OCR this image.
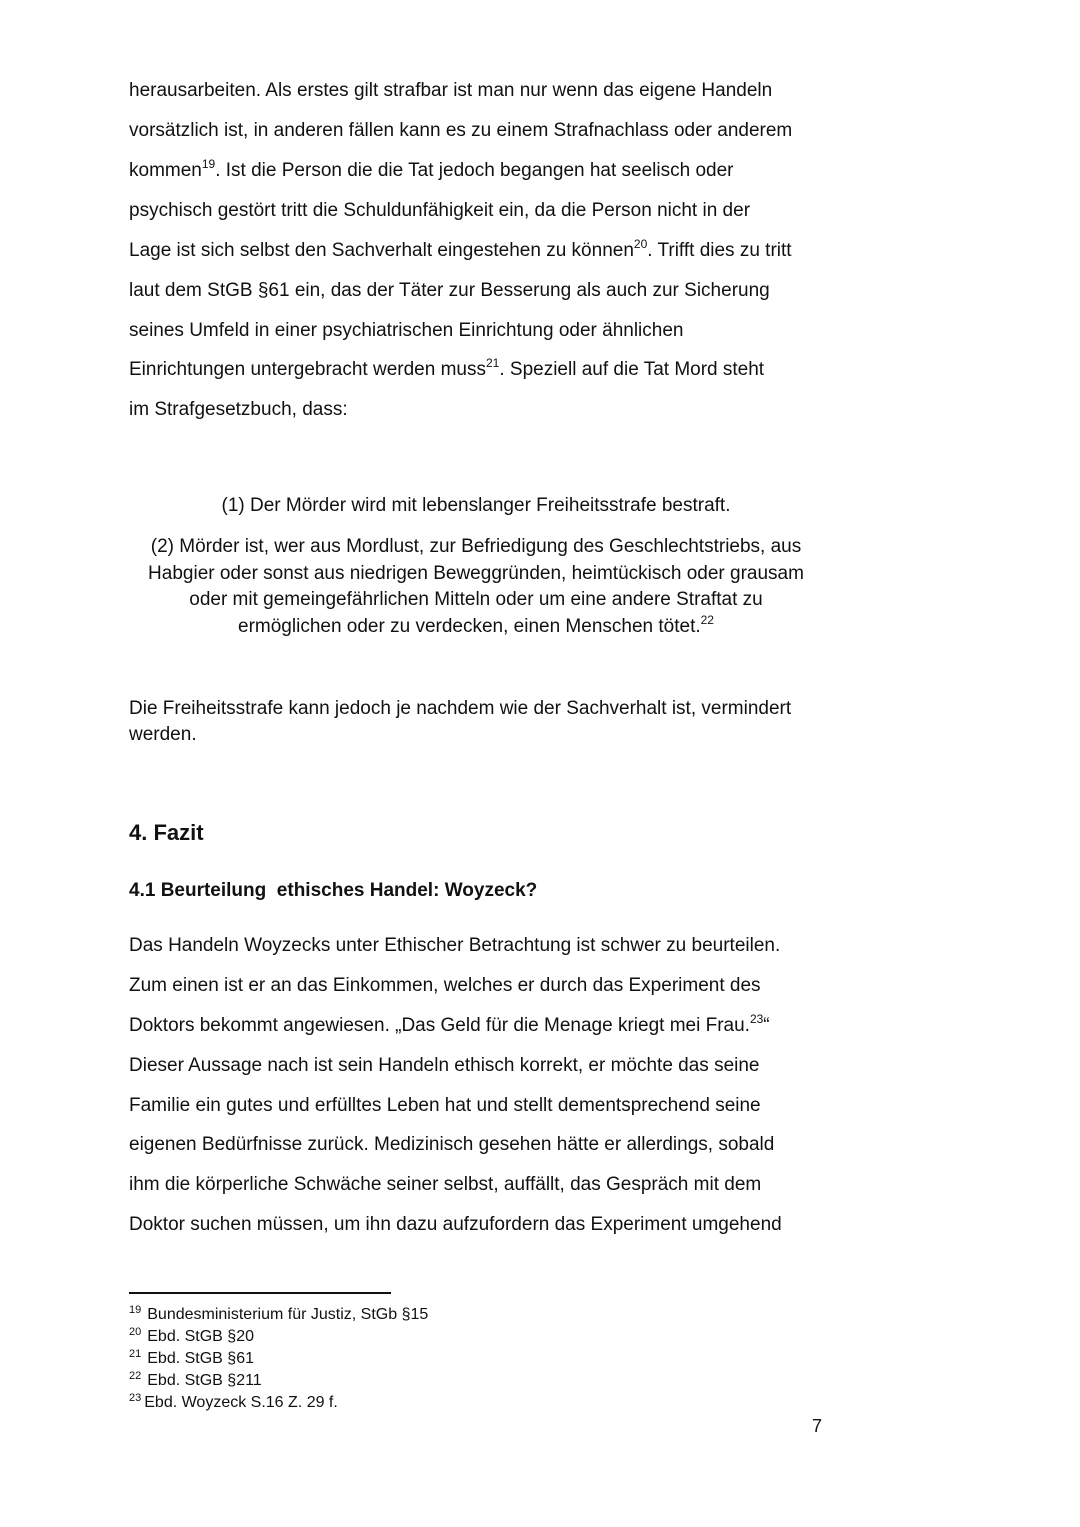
herausarbeiten. Als erstes gilt strafbar ist man nur wenn das eigene Handeln
vorsätzlich ist, in anderen fällen kann es zu einem Strafnachlass oder anderem
kommen$^{19}$. Ist die Person die die Tat jedoch begangen hat seelisch oder
psychisch gestört tritt die Schuldunfähigkeit ein, da die Person nicht in der
Lage ist sich selbst den Sachverhalt eingestehen zu können$^{20}$. Trifft dies zu tritt
laut dem StGB §61 ein, das der Täter zur Besserung als auch zur Sicherung
seines Umfeld in einer psychiatrischen Einrichtung oder ähnlichen
Einrichtungen untergebracht werden muss$^{21}$. Speziell auf die Tat Mord steht
im Strafgesetzbuch, dass:
(1) Der Mörder wird mit lebenslanger Freiheitsstrafe bestraft.
(2) Mörder ist, wer aus Mordlust, zur Befriedigung des Geschlechtstriebs, aus
Habgier oder sonst aus niedrigen Beweggründen, heimtückisch oder grausam
oder mit gemeingefährlichen Mitteln oder um eine andere Straftat zu
ermöglichen oder zu verdecken, einen Menschen tötet.$^{22}$
Die Freiheitsstrafe kann jedoch je nachdem wie der Sachverhalt ist, vermindert
werden.
4. Fazit
4.1 Beurteilung  ethisches Handel: Woyzeck?
Das Handeln Woyzecks unter Ethischer Betrachtung ist schwer zu beurteilen.
Zum einen ist er an das Einkommen, welches er durch das Experiment des
Doktors bekommt angewiesen. „Das Geld für die Menage kriegt mei Frau.$^{23}$“
Dieser Aussage nach ist sein Handeln ethisch korrekt, er möchte das seine
Familie ein gutes und erfülltes Leben hat und stellt dementsprechend seine
eigenen Bedürfnisse zurück. Medizinisch gesehen hätte er allerdings, sobald
ihm die körperliche Schwäche seiner selbst, auffällt, das Gespräch mit dem
Doktor suchen müssen, um ihn dazu aufzufordern das Experiment umgehend
19 Bundesministerium für Justiz, StGb §15
20 Ebd. StGB §20
21 Ebd. StGB §61
22 Ebd. StGB §211
23 Ebd. Woyzeck S.16 Z. 29 f.
7
